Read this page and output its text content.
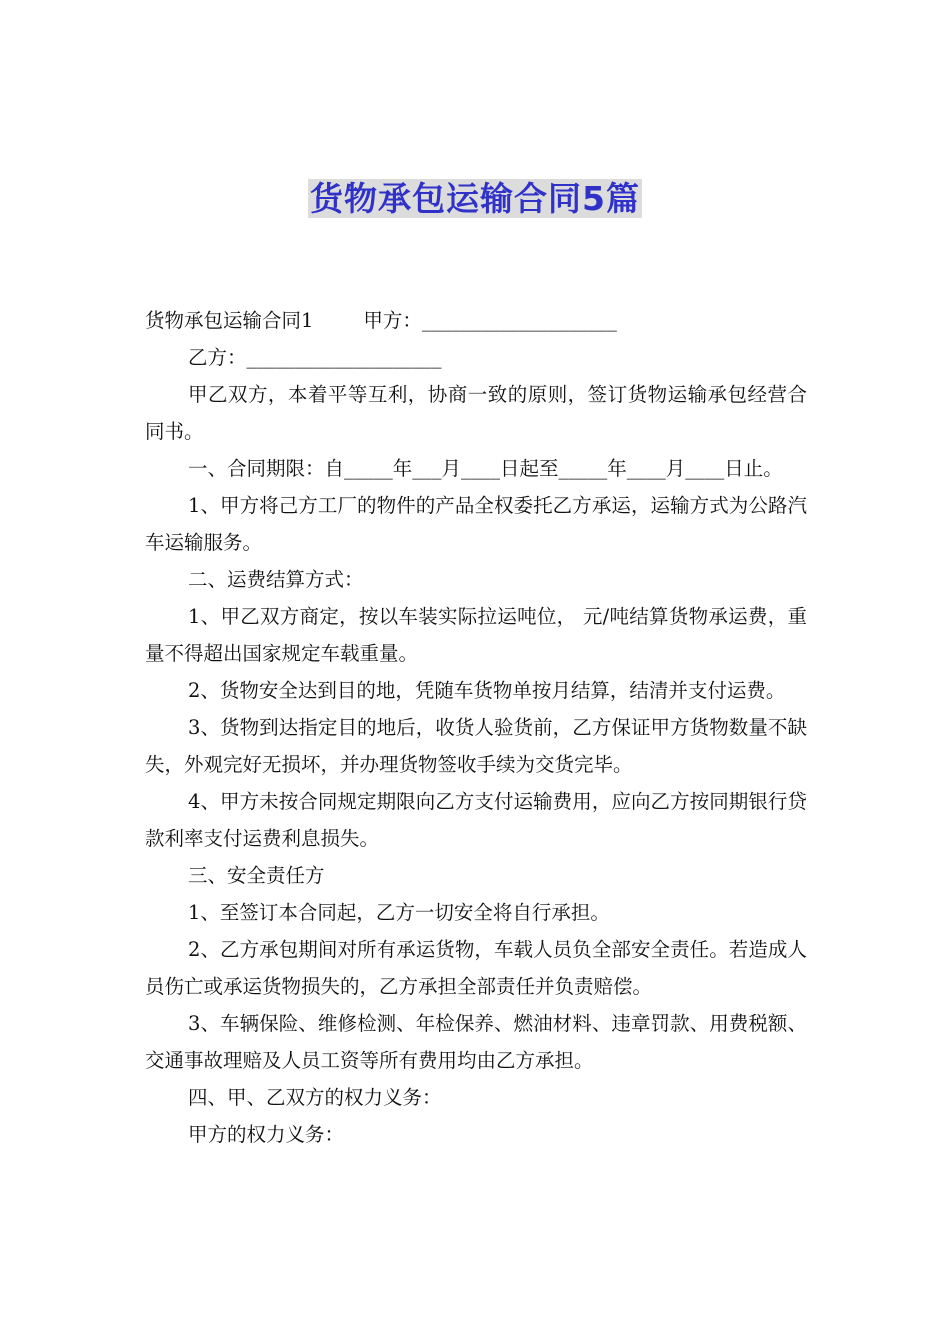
货物承包运输合同5篇

货物承包运输合同1	甲方：____________________

乙方：____________________

甲乙双方，本着平等互利，协商一致的原则，签订货物运输承包经营合同书。

一、合同期限：自_____年___月____日起至_____年____月____日止。

1、甲方将己方工厂的物件的产品全权委托乙方承运，运输方式为公路汽车运输服务。

二、运费结算方式：

1、甲乙双方商定，按以车装实际拉运吨位， 元/吨结算货物承运费，重量不得超出国家规定车载重量。

2、货物安全达到目的地，凭随车货物单按月结算，结清并支付运费。

3、货物到达指定目的地后，收货人验货前，乙方保证甲方货物数量不缺失，外观完好无损坏，并办理货物签收手续为交货完毕。

4、甲方未按合同规定期限向乙方支付运输费用，应向乙方按同期银行贷款利率支付运费利息损失。

三、安全责任方

1、至签订本合同起，乙方一切安全将自行承担。

2、乙方承包期间对所有承运货物，车载人员负全部安全责任。若造成人员伤亡或承运货物损失的，乙方承担全部责任并负责赔偿。

3、车辆保险、维修检测、年检保养、燃油材料、违章罚款、用费税额、交通事故理赔及人员工资等所有费用均由乙方承担。

四、甲、乙双方的权力义务：

甲方的权力义务：
